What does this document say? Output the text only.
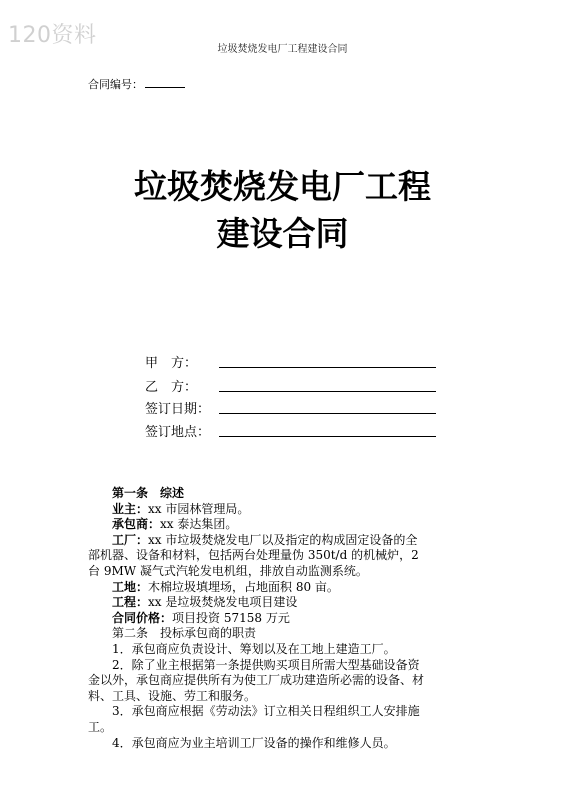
120资料
垃圾焚烧发电厂工程建设合同
合同编号：
垃圾焚烧发电厂工程
建设合同
甲　方：
乙　方：
签订日期：
签订地点：

第一条　综述

业主：xx 市园林管理局。

承包商：xx 泰达集团。

工厂：xx 市垃圾焚烧发电厂以及指定的构成固定设备的全部机器、设备和材料，包括两台处理量伪 350t/d 的机械炉，2 台 9MW 凝气式汽轮发电机组，排放自动监测系统。

工地：木棉垃圾填埋场，占地面积 80 亩。

工程：xx 是垃圾焚烧发电项目建设

合同价格：项目投资 57158 万元

第二条　投标承包商的职责

1．承包商应负责设计、筹划以及在工地上建造工厂。

2．除了业主根据第一条提供购买项目所需大型基础设备资金以外，承包商应提供所有为使工厂成功建造所必需的设备、材料、工具、设施、劳工和服务。

3．承包商应根据《劳动法》订立相关日程组织工人安排施工。

4．承包商应为业主培训工厂设备的操作和维修人员。
